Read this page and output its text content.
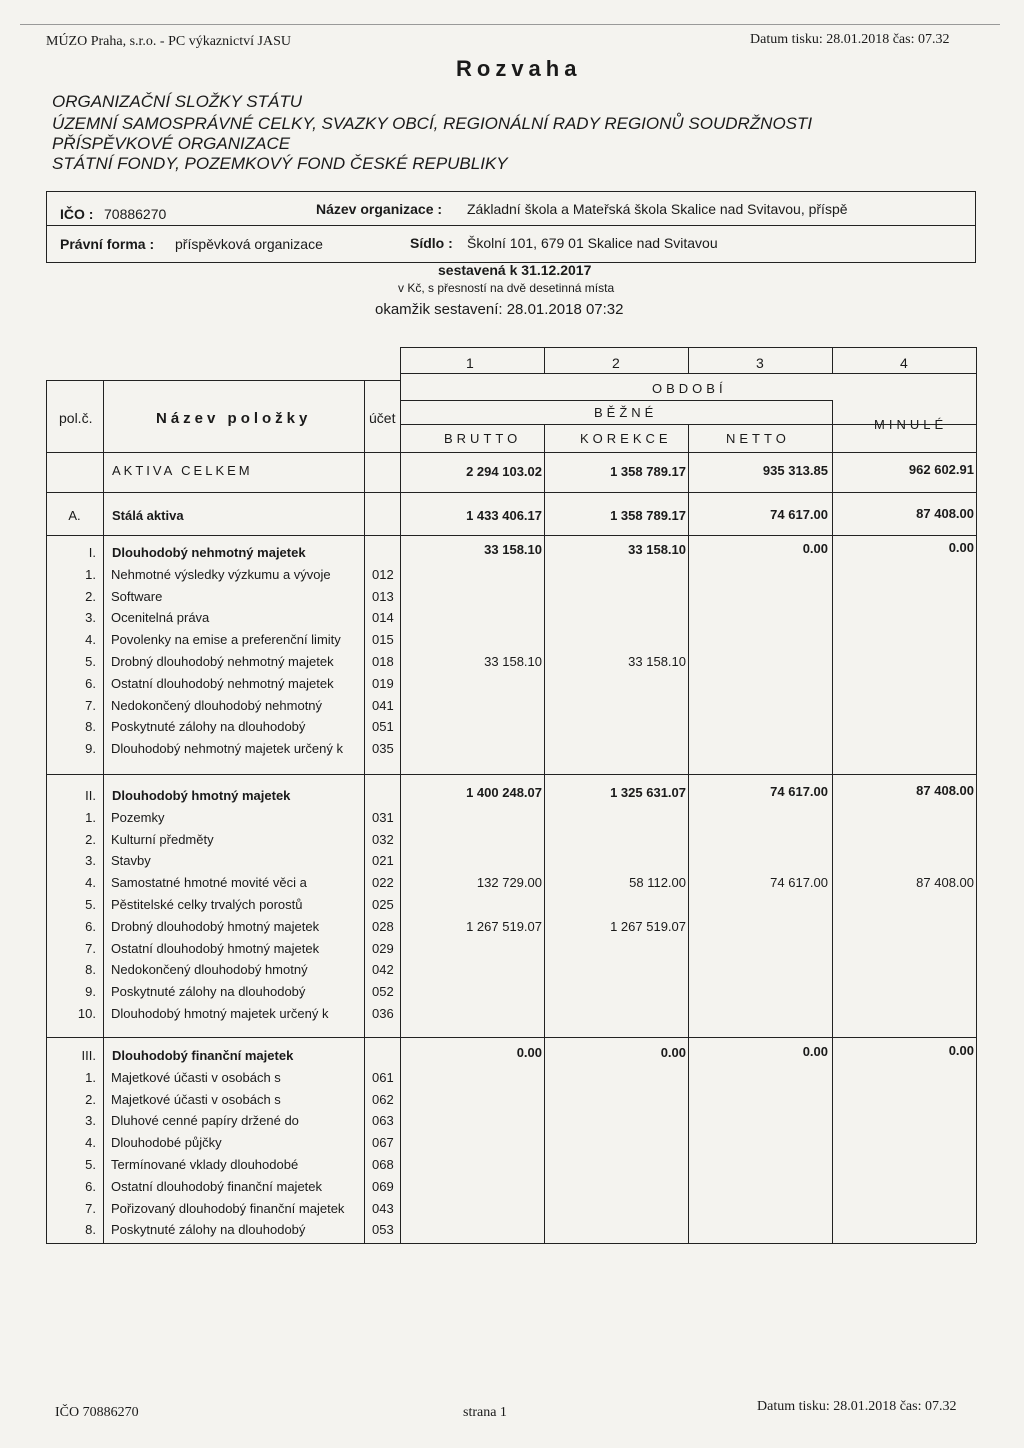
MÚZO Praha, s.r.o. - PC výkaznictví JASU	Datum tisku: 28.01.2018 čas: 07.32
Rozvaha
ORGANIZAČNÍ SLOŽKY STÁTU
ÚZEMNÍ SAMOSPRÁVNÉ CELKY, SVAZKY OBCÍ, REGIONÁLNÍ RADY REGIONŮ SOUDRŽNOSTI
PŘÍSPĚVKOVÉ ORGANIZACE
STÁTNÍ FONDY, POZEMKOVÝ FOND ČESKÉ REPUBLIKY
IČO : 70886270	Název organizace : Základní škola a Mateřská škola Skalice nad Svitavou, příspě
Právní forma : příspěvková organizace	Sídlo : Školní 101, 679 01 Skalice nad Svitavou
sestavená k 31.12.2017
v Kč, s přesností na dvě desetinná místa
okamžik sestavení: 28.01.2018 07:32
1	2	3	4
OBDOBÍ
BĚŽNÉ
MINULÉ
BRUTTO	KOREKCE	NETTO
pol.č.	Název položky	účet
AKTIVA CELKEM	2 294 103.02	1 358 789.17	935 313.85	962 602.91
A.	Stálá aktiva	1 433 406.17	1 358 789.17	74 617.00	87 408.00
I. Dlouhodobý nehmotný majetek	33 158.10	33 158.10	0.00	0.00
1. Nehmotné výsledky výzkumu a vývoje	012
2. Software	013
3. Ocenitelná práva	014
4. Povolenky na emise a preferenční limity 015
5. Drobný dlouhodobý nehmotný majetek	018	33 158.10	33 158.10
6. Ostatní dlouhodobý nehmotný majetek	019
7. Nedokončený dlouhodobý nehmotný	041
8. Poskytnuté zálohy na dlouhodobý	051
9. Dlouhodobý nehmotný majetek určený k 035
II. Dlouhodobý hmotný majetek	1 400 248.07	1 325 631.07	74 617.00	87 408.00
1. Pozemky	031
2. Kulturní předměty	032
3. Stavby	021
4. Samostatné hmotné movité věci a	022	132 729.00	58 112.00	74 617.00	87 408.00
5. Pěstitelské celky trvalých porostů	025
6. Drobný dlouhodobý hmotný majetek	028	1 267 519.07	1 267 519.07
7. Ostatní dlouhodobý hmotný majetek	029
8. Nedokončený dlouhodobý hmotný	042
9. Poskytnuté zálohy na dlouhodobý	052
10. Dlouhodobý hmotný majetek určený k	036
III. Dlouhodobý finanční majetek	0.00	0.00	0.00	0.00
1. Majetkové účasti v osobách s	061
2. Majetkové účasti v osobách s	062
3. Dluhové cenné papíry držené do	063
4. Dlouhodobé půjčky	067
5. Termínované vklady dlouhodobé	068
6. Ostatní dlouhodobý finanční majetek	069
7. Pořizovaný dlouhodobý finanční majetek 043
8. Poskytnuté zálohy na dlouhodobý	053
IČO 70886270	strana 1	Datum tisku: 28.01.2018 čas: 07.32
